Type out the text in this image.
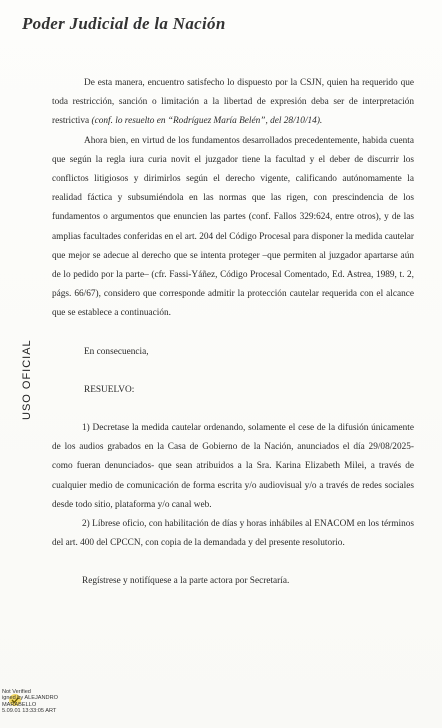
Poder Judicial de la Nación

De esta manera, encuentro satisfecho lo dispuesto por la CSJN, quien ha requerido que toda restricción, sanción o limitación a la libertad de expresión deba ser de interpretación restrictiva (conf. lo resuelto en “Rodríguez María Belén”, del 28/10/14).

Ahora bien, en virtud de los fundamentos desarrollados precedentemente, habida cuenta que según la regla iura curia novit el juzgador tiene la facultad y el deber de discurrir los conflictos litigiosos y dirimirlos según el derecho vigente, calificando autónomamente la realidad fáctica y subsumiéndola en las normas que las rigen, con prescindencia de los fundamentos o argumentos que enuncien las partes (conf. Fallos 329:624, entre otros), y de las amplias facultades conferidas en el art. 204 del Código Procesal para disponer la medida cautelar que mejor se adecue al derecho que se intenta proteger –que permiten al juzgador apartarse aún de lo pedido por la parte– (cfr. Fassi-Yáñez, Código Procesal Comentado, Ed. Astrea, 1989, t. 2, págs. 66/67), considero que corresponde admitir la protección cautelar requerida con el alcance que se establece a continuación.

En consecuencia,

RESUELVO:

1) Decretase la medida cautelar ordenando, solamente el cese de la difusión únicamente de los audios grabados en la Casa de Gobierno de la Nación, anunciados el día 29/08/2025- como fueran denunciados- que sean atribuidos a la Sra. Karina Elizabeth Milei, a través de cualquier medio de comunicación de forma escrita y/o audiovisual y/o a través de redes sociales desde todo sitio, plataforma y/o canal web.

2) Líbrese oficio, con habilitación de días y horas inhábiles al ENACOM en los términos del art. 400 del CPCCN, con copia de la demandada y del presente resolutorio.

Regístrese y notifíquese a la parte actora por Secretaría.

USO OFICIAL
Not Verified
igned by ALEJANDRO
MARABELLO
5.09.01 13:33:05 ART
